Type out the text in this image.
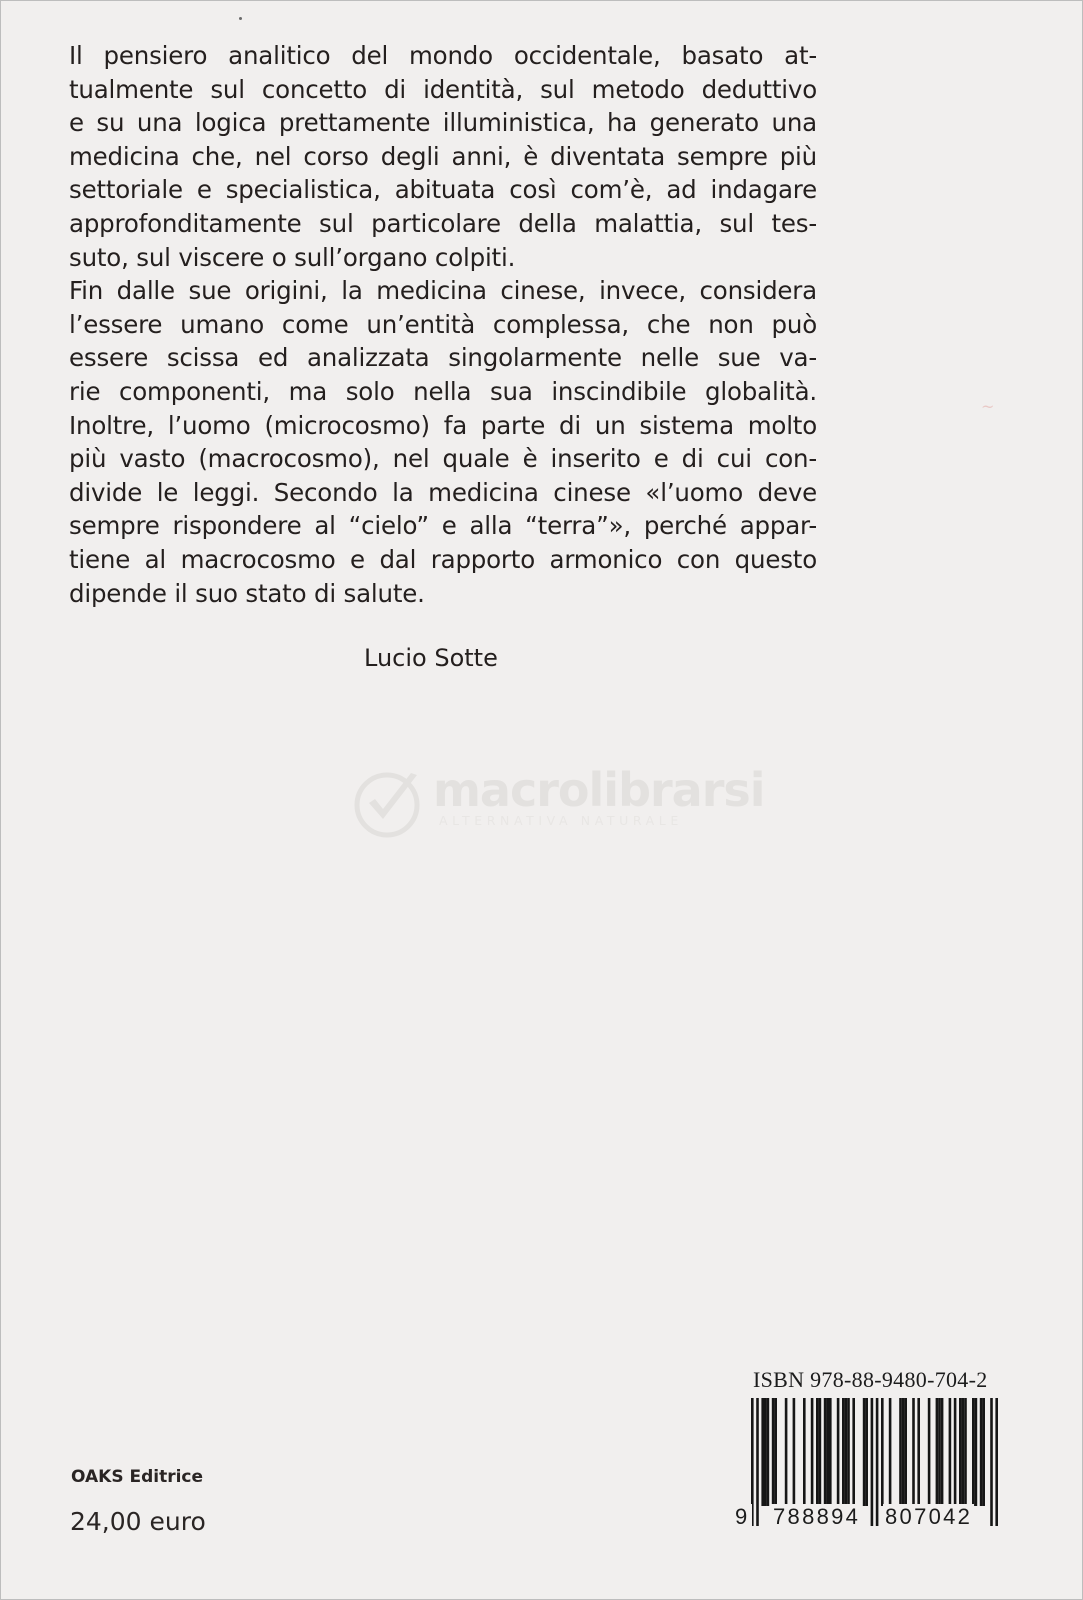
~
Il pensiero analitico del mondo occidentale, basato at-
tualmente sul concetto di identità, sul metodo deduttivo
e su una logica prettamente illuministica, ha generato una
medicina che, nel corso degli anni, è diventata sempre più
settoriale e specialistica, abituata così com’è, ad indagare
approfonditamente sul particolare della malattia, sul tes-
suto, sul viscere o sull’organo colpiti.
Fin dalle sue origini, la medicina cinese, invece, considera
l’essere umano come un’entità complessa, che non può
essere scissa ed analizzata singolarmente nelle sue va-
rie componenti, ma solo nella sua inscindibile globalità.
Inoltre, l’uomo (microcosmo) fa parte di un sistema molto
più vasto (macrocosmo), nel quale è inserito e di cui con-
divide le leggi. Secondo la medicina cinese «l’uomo deve
sempre rispondere al “cielo” e alla “terra”», perché appar-
tiene al macrocosmo e dal rapporto armonico con questo
dipende il suo stato di salute.
Lucio Sotte
macrolibrarsi
ALTERNATIVA NATURALE
ISBN 978-88-9480-704-2
9 788894 807042
OAKS Editrice
24,00 euro
